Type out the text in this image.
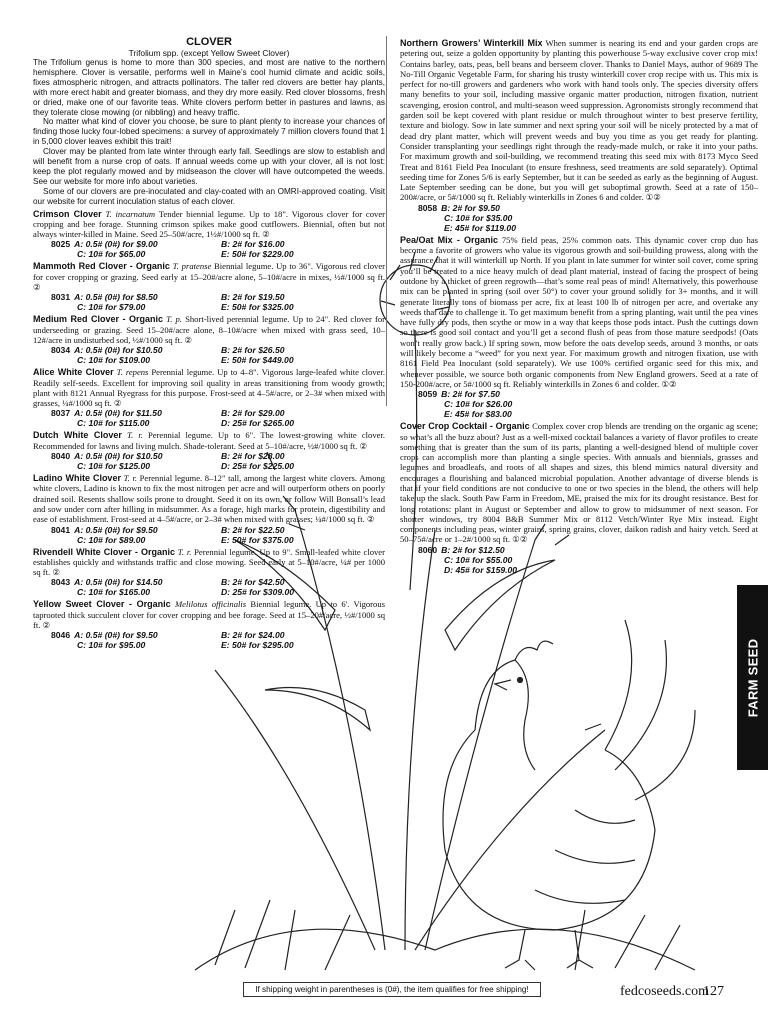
CLOVER
Trifolium spp. (except Yellow Sweet Clover)

The Trifolium genus is home to more than 300 species, and most are native to the northern hemisphere. Clover is versatile, performs well in Maine’s cool humid climate and acidic soils, fixes atmospheric nitrogen, and attracts pollinators. The taller red clovers are better hay plants, with more erect habit and greater biomass, and they dry more easily. Red clover blossoms, fresh or dried, make one of our favorite teas. White clovers perform better in pastures and lawns, as they tolerate close mowing (or nibbling) and heavy traffic.

No matter what kind of clover you choose, be sure to plant plenty to increase your chances of finding those lucky four-lobed specimens: a survey of approximately 7 million clovers found that 1 in 5,000 clover leaves exhibit this trait!

Clover may be planted from late winter through early fall. Seedlings are slow to establish and will benefit from a nurse crop of oats. If annual weeds come up with your clover, all is not lost: keep the plot regularly mowed and by midseason the clover will have outcompeted the weeds. See our website for more info about varieties.

Some of our clovers are pre-inoculated and clay-coated with an OMRI-approved coating. Visit our website for current inoculation status of each clover.

Crimson Clover T. incarnatum Tender biennial legume. Up to 18". Vigorous clover for cover cropping and bee forage. Stunning crimson spikes make good cutflowers. Biennial, often but not always winter-killed in Maine. Seed 25–50#/acre, 1½#/1000 sq ft. ②

8025 A: 0.5# (0#) for $9.00	B: 2# for $16.00
C: 10# for $65.00	E: 50# for $229.00

Mammoth Red Clover - Organic T. pratense Biennial legume. Up to 36". Vigorous red clover for cover cropping or grazing. Seed early at 15–20#/acre alone, 5–10#/acre in mixes, ½#/1000 sq ft. ②

8031 A: 0.5# (0#) for $8.50	B: 2# for $19.50
C: 10# for $79.00	E: 50# for $325.00

Medium Red Clover - Organic T. p. Short-lived perennial legume. Up to 24". Red clover for underseeding or grazing. Seed 15–20#/acre alone, 8–10#/acre when mixed with grass seed, 10–12#/acre in undisturbed sod, ½#/1000 sq ft. ②

8034 A: 0.5# (0#) for $10.50	B: 2# for $26.50
C: 10# for $109.00	E: 50# for $449.00

Alice White Clover T. repens Perennial legume. Up to 4–8". Vigorous large-leafed white clover. Readily self-seeds. Excellent for improving soil quality in areas transitioning from woody growth; plant with 8121 Annual Ryegrass for this purpose. Frost-seed at 4–5#/acre, or 2–3# when mixed with grasses, ¼#/1000 sq ft. ②

8037 A: 0.5# (0#) for $11.50	B: 2# for $29.00
C: 10# for $115.00	D: 25# for $265.00

Dutch White Clover T. r. Perennial legume. Up to 6". The lowest-growing white clover. Recommended for lawns and living mulch. Shade-tolerant. Seed at 5–10#/acre, ½#/1000 sq ft. ②

8040 A: 0.5# (0#) for $10.50	B: 2# for $28.00
C: 10# for $125.00	D: 25# for $225.00

Ladino White Clover T. r. Perennial legume. 8–12" tall, among the largest white clovers. Among white clovers, Ladino is known to fix the most nitrogen per acre and will outperform others on poorly drained soil. Resents shallow soils prone to drought. Seed it on its own, or follow Will Bonsall’s lead and sow under corn after hilling in midsummer. As a forage, high marks for protein, digestibility and ease of establishment. Frost-seed at 4–5#/acre, or 2–3# when mixed with grasses; ¼#/1000 sq ft. ②

8041 A: 0.5# (0#) for $9.50	B: 2# for $22.50
C: 10# for $89.00	E: 50# for $375.00

Rivendell White Clover - Organic T. r. Perennial legume. Up to 9". Small-leafed white clover establishes quickly and withstands traffic and close mowing. Seed early at 5–10#/acre, ¼# per 1000 sq ft. ②

8043 A: 0.5# (0#) for $14.50	B: 2# for $42.50
C: 10# for $165.00	D: 25# for $309.00

Yellow Sweet Clover - Organic Melilotus officinalis Biennial legume. Up to 6'. Vigorous taprooted thick succulent clover for cover cropping and bee forage. Seed at 15–20#/acre, ½#/1000 sq ft. ②

8046 A: 0.5# (0#) for $9.50	B: 2# for $24.00
C: 10# for $95.00	E: 50# for $295.00

Northern Growers’ Winterkill Mix When summer is nearing its end and your garden crops are petering out, seize a golden opportunity by planting this powerhouse 5-way exclusive cover crop mix! Contains barley, oats, peas, bell beans and berseem clover. Thanks to Daniel Mays, author of 9689 The No-Till Organic Vegetable Farm, for sharing his trusty winterkill cover crop recipe with us. This mix is perfect for no-till growers and gardeners who work with hand tools only. The species diversity offers many benefits to your soil, including massive organic matter production, nitrogen fixation, nutrient scavenging, erosion control, and multi-season weed suppression. Agronomists strongly recommend that garden soil be kept covered with plant residue or mulch throughout winter to best preserve fertility, texture and biology. Sow in late summer and next spring your soil will be nicely protected by a mat of dead dry plant matter, which will prevent weeds and buy you time as you get ready for planting. Consider transplanting your seedlings right through the ready-made mulch, or rake it into your paths. For maximum growth and soil-building, we recommend treating this seed mix with 8173 Myco Seed Treat and 8161 Field Pea Inoculant (to ensure freshness, seed treatments are sold separately). Optimal seeding time for Zones 5/6 is early September, but it can be seeded as early as the beginning of August. Late September seeding can be done, but you will get suboptimal growth. Seed at a rate of 150–200#/acre, or 5#/1000 sq ft. Reliably winterkills in Zones 6 and colder. ①②

8058 B: 2# for $9.50
C: 10# for $35.00
E: 45# for $119.00

Pea/Oat Mix - Organic 75% field peas, 25% common oats. This dynamic cover crop duo has become a favorite of growers who value its vigorous growth and soil-building prowess, along with the assurance that it will winterkill up North. If you plant in late summer for winter soil cover, come spring you’ll be treated to a nice heavy mulch of dead plant material, instead of facing the prospect of being outdone by a thicket of green regrowth—that’s some real peas of mind! Alternatively, this powerhouse mix can be planted in spring (soil over 50°) to cover your ground solidly for 3+ months, and it will generate literally tons of biomass per acre, fix at least 100 lb of nitrogen per acre, and overtake any weeds that dare to challenge it. To get maximum benefit from a spring planting, wait until the pea vines have fully dry pods, then scythe or mow in a way that keeps those pods intact. Push the cuttings down so there is good soil contact and you’ll get a second flush of peas from those mature seedpods! (Oats won’t really grow back.) If spring sown, mow before the oats develop seeds, around 3 months, or oats will likely become a “weed” for you next year. For maximum growth and nitrogen fixation, use with 8161 Field Pea Inoculant (sold separately). We use 100% certified organic seed for this mix, and whenever possible, we source both organic components from New England growers. Seed at a rate of 150-200#/acre, or 5#/1000 sq ft. Reliably winterkills in Zones 6 and colder. ①②

8059 B: 2# for $7.50
C: 10# for $26.00
E: 45# for $83.00

Cover Crop Cocktail - Organic Complex cover crop blends are trending on the organic ag scene; so what’s all the buzz about? Just as a well-mixed cocktail balances a variety of flavor profiles to create something that is greater than the sum of its parts, planting a well-designed blend of multiple cover crops can accomplish more than planting a single species. With annuals and biennials, grasses and legumes and broadleafs, and roots of all shapes and sizes, this blend mimics natural diversity and encourages a flourishing and balanced microbial population. Another advantage of diverse blends is that if your field conditions are not conducive to one or two species in the blend, the others will help take up the slack. South Paw Farm in Freedom, ME, praised the mix for its drought resistance. Best for long rotations: plant in August or September and allow to grow to midsummer of next season. For shorter windows, try 8004 B&B Summer Mix or 8112 Vetch/Winter Rye Mix instead. Eight components including peas, winter grains, spring grains, clover, daikon radish and hairy vetch. Seed at 50–75#/acre or 1–2#/1000 sq ft. ①②

8060 B: 2# for $12.50
C: 10# for $55.00
D: 45# for $159.00
FARM SEED
If shipping weight in parentheses is (0#), the item qualifies for free shipping!	fedcoseeds.com
127
